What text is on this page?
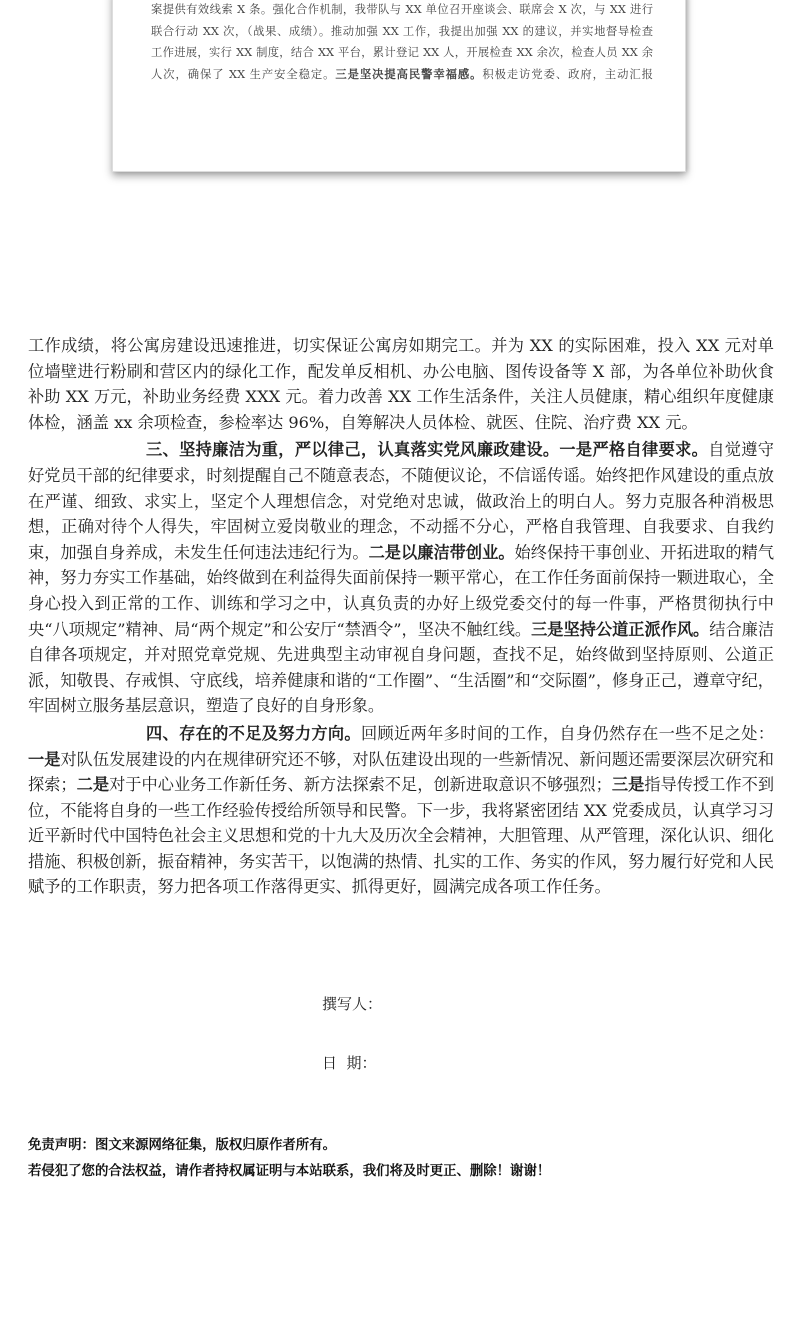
案提供有效线索 X 条。强化合作机制，我带队与 XX 单位召开座谈会、联席会 X 次，与 XX 进行
联合行动 XX 次，（战果、成绩）。推动加强 XX 工作，我提出加强 XX 的建议，并实地督导检查
工作进展，实行 XX 制度，结合 XX 平台，累计登记 XX 人，开展检查 XX 余次，检查人员 XX 余
人次，确保了 XX 生产安全稳定。三是坚决提高民警幸福感。积极走访党委、政府，主动汇报

工作成绩，将公寓房建设迅速推进，切实保证公寓房如期完工。并为 XX 的实际困难，投入 XX 元对单位墙壁进行粉刷和营区内的绿化工作，配发单反相机、办公电脑、图传设备等 X 部，为各单位补助伙食补助 XX 万元，补助业务经费 XXX 元。着力改善 XX 工作生活条件，关注人员健康，精心组织年度健康体检，涵盖 xx 余项检查，参检率达 96%，自筹解决人员体检、就医、住院、治疗费 XX 元。

三、坚持廉洁为重，严以律己，认真落实党风廉政建设。一是严格自律要求。自觉遵守好党员干部的纪律要求，时刻提醒自己不随意表态，不随便议论，不信谣传谣。始终把作风建设的重点放在严谨、细致、求实上，坚定个人理想信念，对党绝对忠诚，做政治上的明白人。努力克服各种消极思想，正确对待个人得失，牢固树立爱岗敬业的理念，不动摇不分心，严格自我管理、自我要求、自我约束，加强自身养成，未发生任何违法违纪行为。二是以廉洁带创业。始终保持干事创业、开拓进取的精气神，努力夯实工作基础，始终做到在利益得失面前保持一颗平常心，在工作任务面前保持一颗进取心，全身心投入到正常的工作、训练和学习之中，认真负责的办好上级党委交付的每一件事，严格贯彻执行中央“八项规定”精神、局“两个规定”和公安厅“禁酒令”，坚决不触红线。三是坚持公道正派作风。结合廉洁自律各项规定，并对照党章党规、先进典型主动审视自身问题，查找不足，始终做到坚持原则、公道正派，知敬畏、存戒惧、守底线，培养健康和谐的“工作圈”、“生活圈”和“交际圈”，修身正己，遵章守纪，牢固树立服务基层意识，塑造了良好的自身形象。

四、存在的不足及努力方向。回顾近两年多时间的工作，自身仍然存在一些不足之处：一是对队伍发展建设的内在规律研究还不够，对队伍建设出现的一些新情况、新问题还需要深层次研究和探索；二是对于中心业务工作新任务、新方法探索不足，创新进取意识不够强烈；三是指导传授工作不到位，不能将自身的一些工作经验传授给所领导和民警。下一步，我将紧密团结 XX 党委成员，认真学习习近平新时代中国特色社会主义思想和党的十九大及历次全会精神，大胆管理、从严管理，深化认识、细化措施、积极创新，振奋精神，务实苦干，以饱满的热情、扎实的工作、务实的作风，努力履行好党和人民赋予的工作职责，努力把各项工作落得更实、抓得更好，圆满完成各项工作任务。

撰写人：
日  期：
免责声明：图文来源网络征集，版权归原作者所有。
若侵犯了您的合法权益，请作者持权属证明与本站联系，我们将及时更正、删除！谢谢！
